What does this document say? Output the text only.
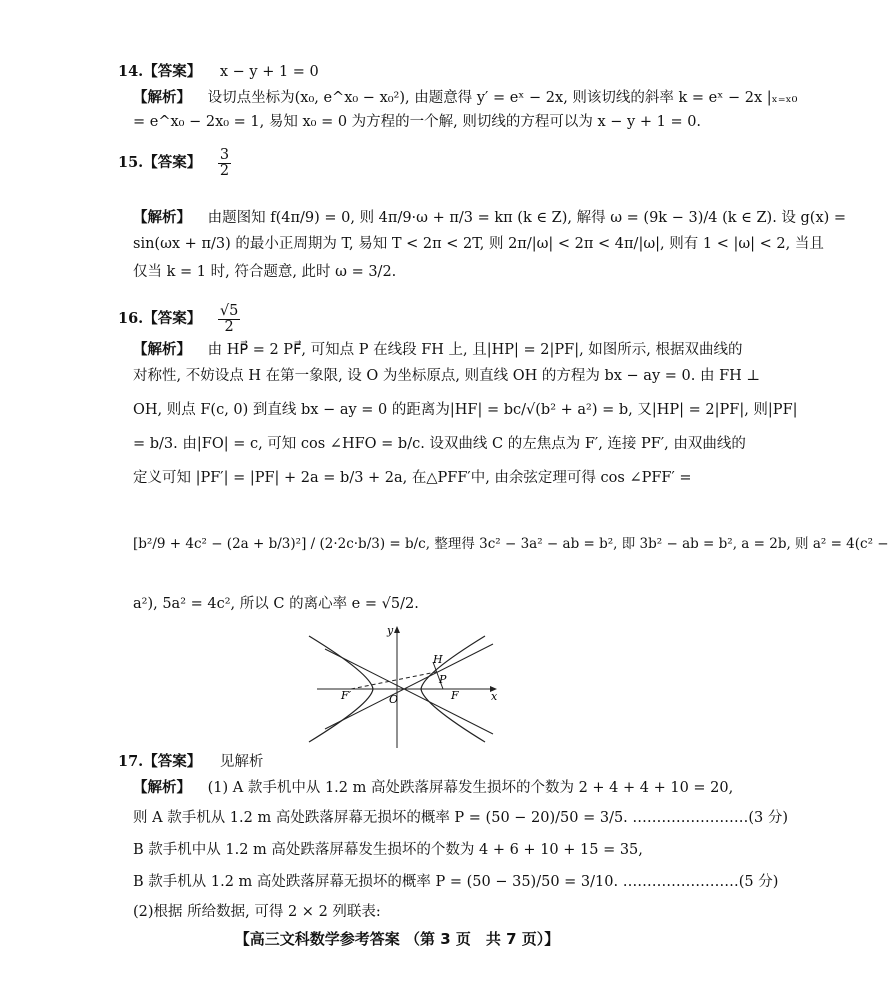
14.【答案】 x − y + 1 = 0
【解析】 设切点坐标为(x₀, e^x₀ − x₀²), 由题意得 y′ = eˣ − 2x, 则该切线的斜率 k = eˣ − 2x |ₓ₌ₓ₀
= e^x₀ − 2x₀ = 1, 易知 x₀ = 0 为方程的一个解, 则切线的方程可以为 x − y + 1 = 0.
15.【答案】 $\frac{3}{2}$
【解析】 由题图知 f(4π/9) = 0, 则 4π/9·ω + π/3 = kπ (k ∈ Z), 解得 ω = (9k − 3)/4 (k ∈ Z). 设 g(x) =
sin(ωx + π/3) 的最小正周期为 T, 易知 T < 2π < 2T, 则 2π/|ω| < 2π < 4π/|ω|, 则有 1 < |ω| < 2, 当且
仅当 k = 1 时, 符合题意, 此时 ω = 3/2.
16.【答案】 $\frac{√5}{2}$
【解析】 由 HP⃗ = 2 PF⃗, 可知点 P 在线段 FH 上, 且|HP| = 2|PF|, 如图所示, 根据双曲线的
对称性, 不妨设点 H 在第一象限, 设 O 为坐标原点, 则直线 OH 的方程为 bx − ay = 0. 由 FH ⊥
OH, 则点 F(c, 0) 到直线 bx − ay = 0 的距离为|HF| = bc/√(b² + a²) = b, 又|HP| = 2|PF|, 则|PF|
= b/3. 由|FO| = c, 可知 cos ∠HFO = b/c. 设双曲线 C 的左焦点为 F′, 连接 PF′, 由双曲线的
定义可知 |PF′| = |PF| + 2a = b/3 + 2a, 在△PFF′中, 由余弦定理可得 cos ∠PFF′ =
[b²/9 + 4c² − (2a + b/3)²] / (2·2c·b/3) = b/c, 整理得 3c² − 3a² − ab = b², 即 3b² − ab = b², a = 2b, 则 a² = 4(c² −
a²), 5a² = 4c², 所以 C 的离心率 e = √5/2.
y
x
O	F
F′
P
H
17.【答案】 见解析
【解析】 (1) A 款手机中从 1.2 m 高处跌落屏幕发生损坏的个数为 2 + 4 + 4 + 10 = 20,
则 A 款手机从 1.2 m 高处跌落屏幕无损坏的概率 P = (50 − 20)/50 = 3/5. ……………………(3 分)
B 款手机中从 1.2 m 高处跌落屏幕发生损坏的个数为 4 + 6 + 10 + 15 = 35,
B 款手机从 1.2 m 高处跌落屏幕无损坏的概率 P = (50 − 35)/50 = 3/10. ……………………(5 分)
(2)根据 所给数据, 可得 2 × 2 列联表:
【高三文科数学参考答案 （第 3 页　共 7 页）】
